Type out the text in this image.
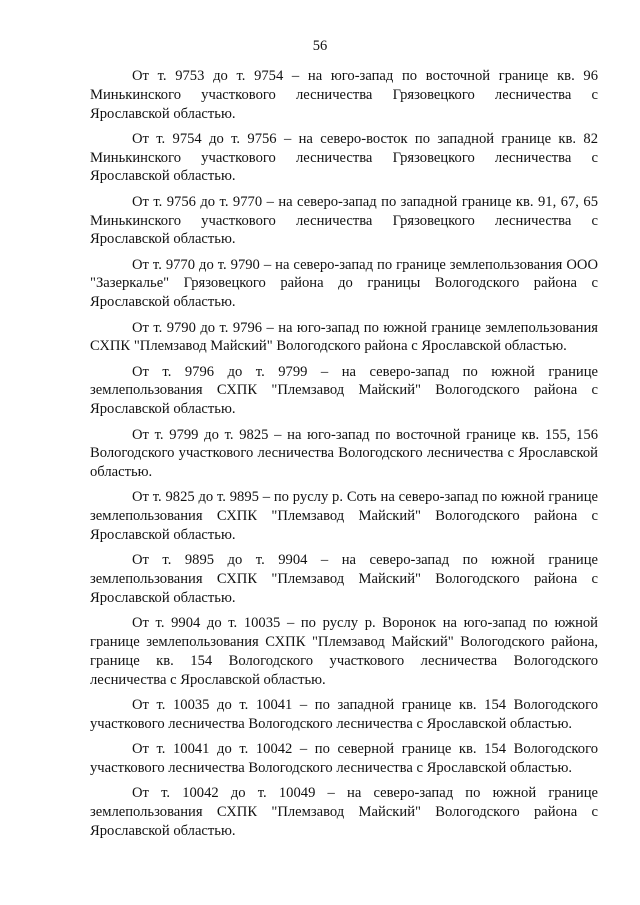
56

От т. 9753 до т. 9754 – на юго-запад по восточной границе кв. 96 Минькинского участкового лесничества Грязовецкого лесничества с Ярославской областью.

От т. 9754 до т. 9756 – на северо-восток по западной границе кв. 82 Минькинского участкового лесничества Грязовецкого лесничества с Ярославской областью.

От т. 9756 до т. 9770 – на северо-запад по западной границе кв. 91, 67, 65 Минькинского участкового лесничества Грязовецкого лесничества с Ярославской областью.

От т. 9770 до т. 9790 – на северо-запад по границе землепользования ООО "Зазеркалье" Грязовецкого района до границы Вологодского района с Ярославской областью.

От т. 9790 до т. 9796 – на юго-запад по южной границе землепользования СХПК "Племзавод Майский" Вологодского района с Ярославской областью.

От т. 9796 до т. 9799 – на северо-запад по южной границе землепользования СХПК "Племзавод Майский" Вологодского района с Ярославской областью.

От т. 9799 до т. 9825 – на юго-запад по восточной границе кв. 155, 156 Вологодского участкового лесничества Вологодского лесничества с Ярославской областью.

От т. 9825 до т. 9895 – по руслу р. Соть на северо-запад по южной границе землепользования СХПК "Племзавод Майский" Вологодского района с Ярославской областью.

От т. 9895 до т. 9904 – на северо-запад по южной границе землепользования СХПК "Племзавод Майский" Вологодского района с Ярославской областью.

От т. 9904 до т. 10035 – по руслу р. Воронок на юго-запад по южной границе землепользования СХПК "Племзавод Майский" Вологодского района, границе кв. 154 Вологодского участкового лесничества Вологодского лесничества с Ярославской областью.

От т. 10035 до т. 10041 – по западной границе кв. 154 Вологодского участкового лесничества Вологодского лесничества с Ярославской областью.

От т. 10041 до т. 10042 – по северной границе кв. 154 Вологодского участкового лесничества Вологодского лесничества с Ярославской областью.

От т. 10042 до т. 10049 – на северо-запад по южной границе землепользования СХПК "Племзавод Майский" Вологодского района с Ярославской областью.
